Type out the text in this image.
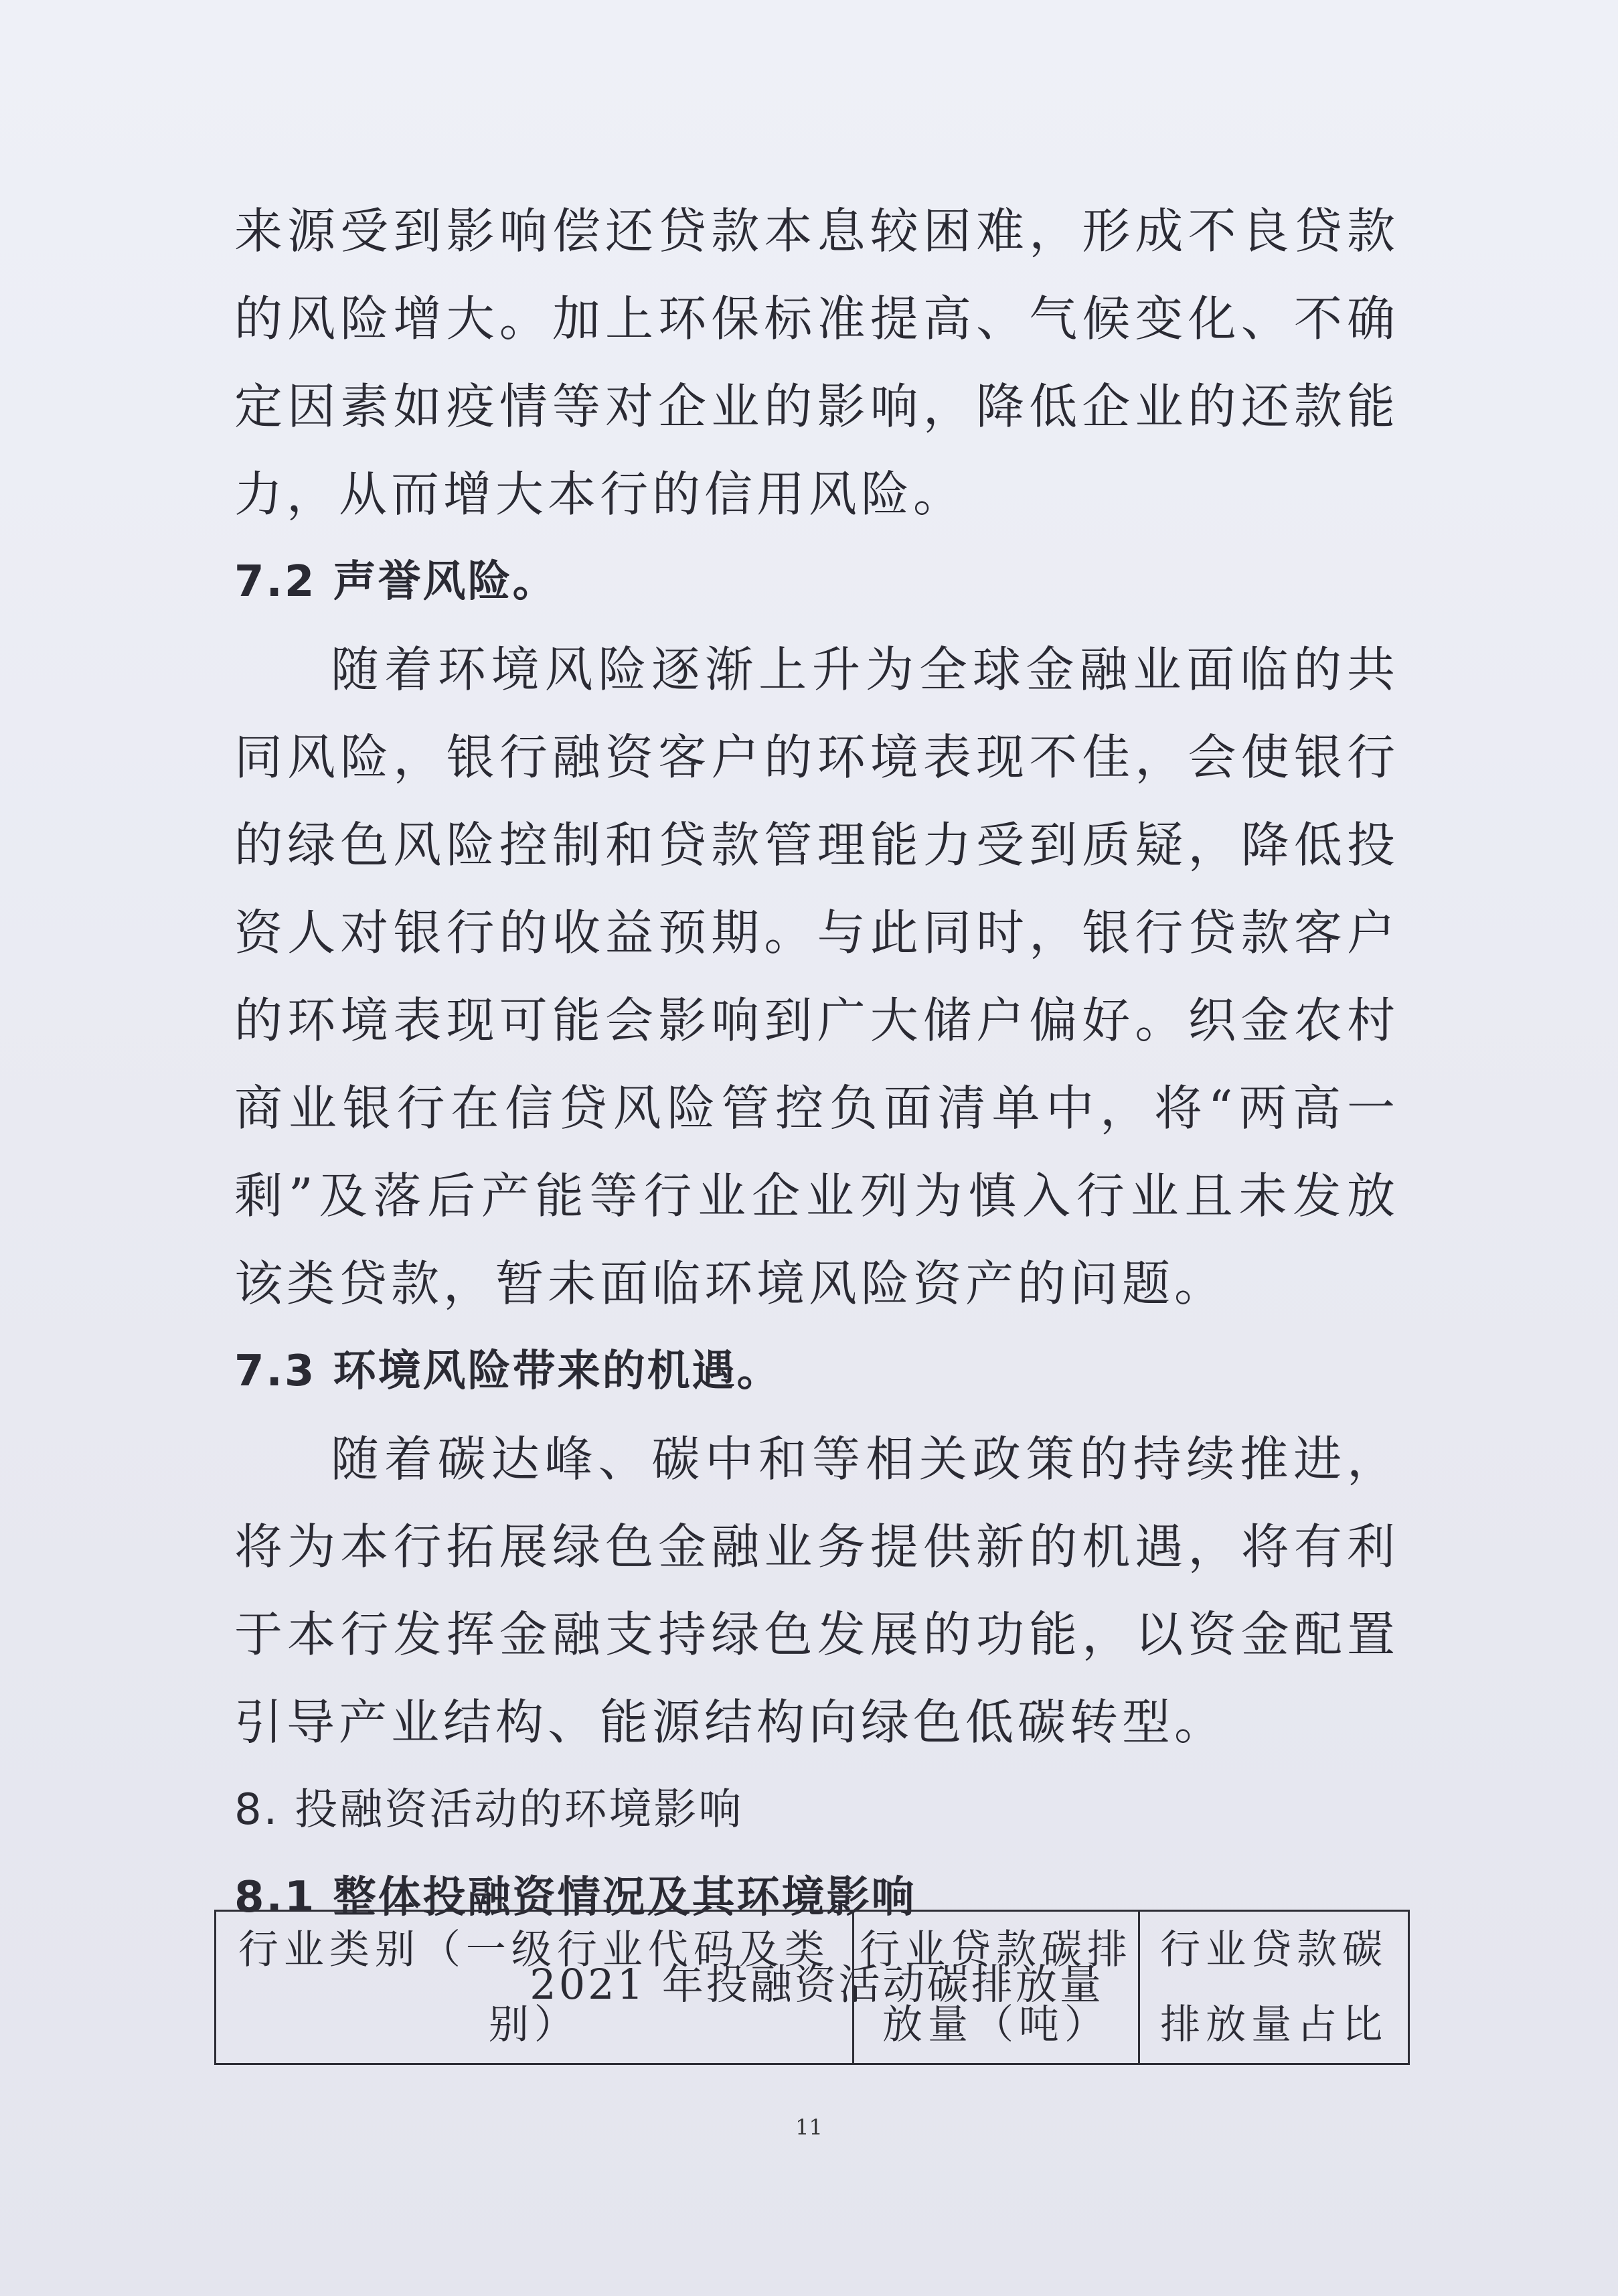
来源受到影响偿还贷款本息较困难，形成不良贷款的风险增大。加上环保标准提高、气候变化、不确定因素如疫情等对企业的影响，降低企业的还款能力，从而增大本行的信用风险。

7.2 声誉风险。

随着环境风险逐渐上升为全球金融业面临的共同风险，银行融资客户的环境表现不佳，会使银行的绿色风险控制和贷款管理能力受到质疑，降低投资人对银行的收益预期。与此同时，银行贷款客户的环境表现可能会影响到广大储户偏好。织金农村商业银行在信贷风险管控负面清单中，将“两高一剩”及落后产能等行业企业列为慎入行业且未发放该类贷款，暂未面临环境风险资产的问题。

7.3 环境风险带来的机遇。

随着碳达峰、碳中和等相关政策的持续推进，将为本行拓展绿色金融业务提供新的机遇，将有利于本行发挥金融支持绿色发展的功能，以资金配置引导产业结构、能源结构向绿色低碳转型。

8. 投融资活动的环境影响

8.1 整体投融资情况及其环境影响

2021 年投融资活动碳排放量

行业类别（一级行业代码及类别）	行业贷款碳排放量（吨）	行业贷款碳排放量占比
11
